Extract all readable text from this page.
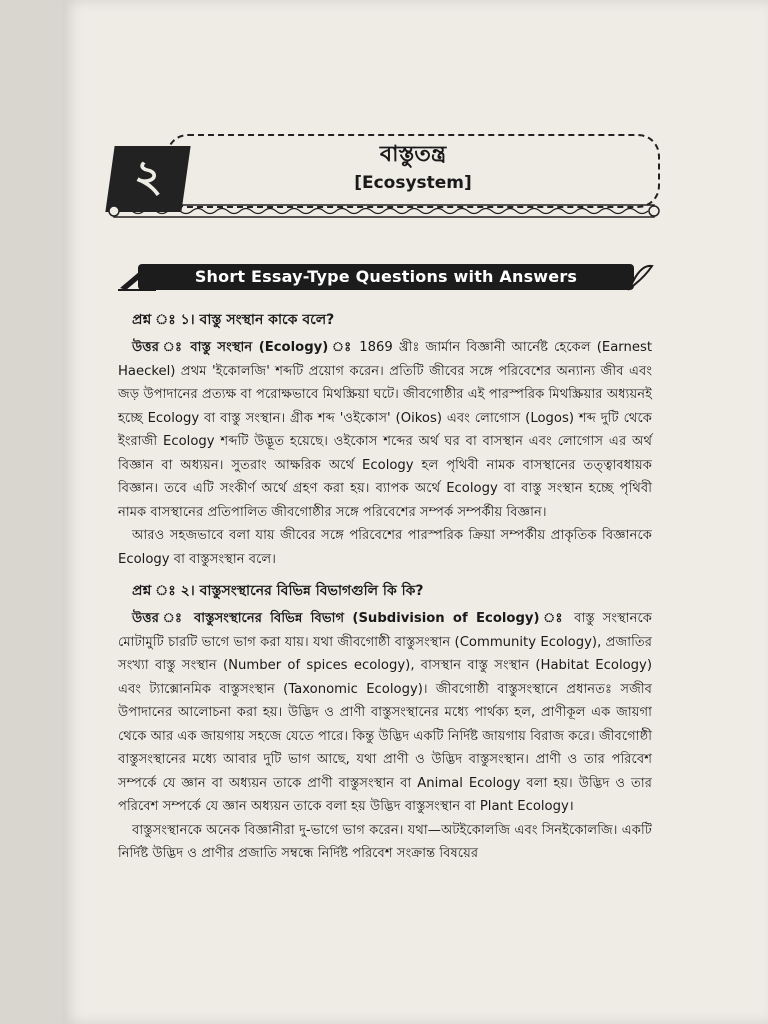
২	বাস্তুতন্ত্র
[Ecosystem]
Short Essay-Type Questions with Answers

প্রশ্ন ঃ ১। বাস্তু সংস্থান কাকে বলে?

উত্তর ঃ বাস্তু সংস্থান (Ecology) ঃ 1869 খ্রীঃ জার্মান বিজ্ঞানী আর্নেষ্ট হেকেল (Earnest Haeckel) প্রথম 'ইকোলজি' শব্দটি প্রয়োগ করেন। প্রতিটি জীবের সঙ্গে পরিবেশের অন্যান্য জীব এবং জড় উপাদানের প্রত্যক্ষ বা পরোক্ষভাবে মিথস্ক্রিয়া ঘটে। জীবগোষ্ঠীর এই পারস্পরিক মিথস্ক্রিয়ার অধ্যয়নই হচ্ছে Ecology বা বাস্তু সংস্থান। গ্রীক শব্দ 'ওইকোস' (Oikos) এবং লোগোস (Logos) শব্দ দুটি থেকে ইংরাজী Ecology শব্দটি উদ্ভূত হয়েছে। ওইকোস শব্দের অর্থ ঘর বা বাসস্থান এবং লোগোস এর অর্থ বিজ্ঞান বা অধ্যয়ন। সুতরাং আক্ষরিক অর্থে Ecology হল পৃথিবী নামক বাসস্থানের তত্ত্বাবধায়ক বিজ্ঞান। তবে এটি সংকীর্ণ অর্থে গ্রহণ করা হয়। ব্যাপক অর্থে Ecology বা বাস্তু সংস্থান হচ্ছে পৃথিবী নামক বাসস্থানের প্রতিপালিত জীবগোষ্ঠীর সঙ্গে পরিবেশের সম্পর্ক সম্পর্কীয় বিজ্ঞান।

আরও সহজভাবে বলা যায় জীবের সঙ্গে পরিবেশের পারস্পরিক ক্রিয়া সম্পর্কীয় প্রাকৃতিক বিজ্ঞানকে Ecology বা বাস্তুসংস্থান বলে।

প্রশ্ন ঃ ২। বাস্তুসংস্থানের বিভিন্ন বিভাগগুলি কি কি?

উত্তর ঃ বাস্তুসংস্থানের বিভিন্ন বিভাগ (Subdivision of Ecology) ঃ বাস্তু সংস্থানকে মোটামুটি চারটি ভাগে ভাগ করা যায়। যথা জীবগোষ্ঠী বাস্তুসংস্থান (Community Ecology), প্রজাতির সংখ্যা বাস্তু সংস্থান (Number of spices ecology), বাসস্থান বাস্তু সংস্থান (Habitat Ecology) এবং ট্যাক্সোনমিক বাস্তুসংস্থান (Taxonomic Ecology)। জীবগোষ্ঠী বাস্তুসংস্থানে প্রধানতঃ সজীব উপাদানের আলোচনা করা হয়। উদ্ভিদ ও প্রাণী বাস্তুসংস্থানের মধ্যে পার্থক্য হল, প্রাণীকূল এক জায়গা থেকে আর এক জায়গায় সহজে যেতে পারে। কিন্তু উদ্ভিদ একটি নির্দিষ্ট জায়গায় বিরাজ করে। জীবগোষ্ঠী বাস্তুসংস্থানের মধ্যে আবার দুটি ভাগ আছে, যথা প্রাণী ও উদ্ভিদ বাস্তুসংস্থান। প্রাণী ও তার পরিবেশ সম্পর্কে যে জ্ঞান বা অধ্যয়ন তাকে প্রাণী বাস্তুসংস্থান বা Animal Ecology বলা হয়। উদ্ভিদ ও তার পরিবেশ সম্পর্কে যে জ্ঞান অধ্যয়ন তাকে বলা হয় উদ্ভিদ বাস্তুসংস্থান বা Plant Ecology।

বাস্তুসংস্থানকে অনেক বিজ্ঞানীরা দু-ভাগে ভাগ করেন। যথা—অটইকোলজি এবং সিনইকোলজি। একটি নির্দিষ্ট উদ্ভিদ ও প্রাণীর প্রজাতি সম্বন্ধে নির্দিষ্ট পরিবেশ সংক্রান্ত বিষয়ের
